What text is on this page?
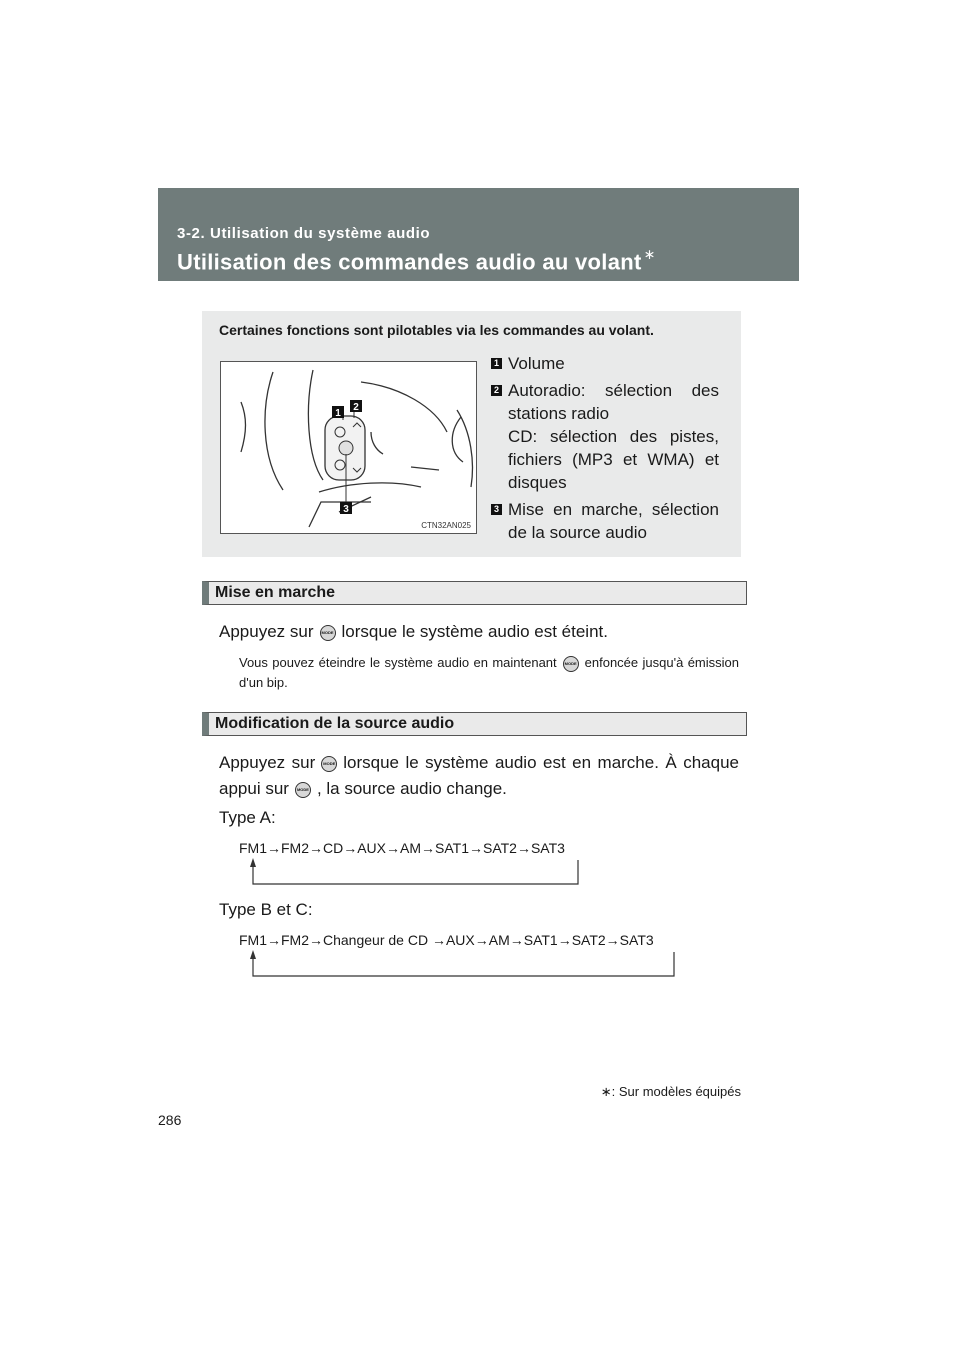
3-2. Utilisation du système audio
Utilisation des commandes audio au volant ∗
Certaines fonctions sont pilotables via les commandes au volant.
1
2
3
CTN32AN025
1 Volume
2 Autoradio: sélection des stations radio
CD: sélection des pistes, fichiers (MP3 et WMA) et disques
3 Mise en marche, sélection de la source audio
Mise en marche
Appuyez sur MODE lorsque le système audio est éteint.
Vous pouvez éteindre le système audio en maintenant MODE enfoncée jusqu'à émission d'un bip.
Modification de la source audio
Appuyez sur MODE lorsque le système audio est en marche. À chaque appui sur MODE , la source audio change.
Type A:
FM1→FM2→CD→AUX→AM→SAT1→SAT2→SAT3
Type B et C:
FM1→FM2→Changeur de CD →AUX→AM→SAT1→SAT2→SAT3
∗: Sur modèles équipés
286
